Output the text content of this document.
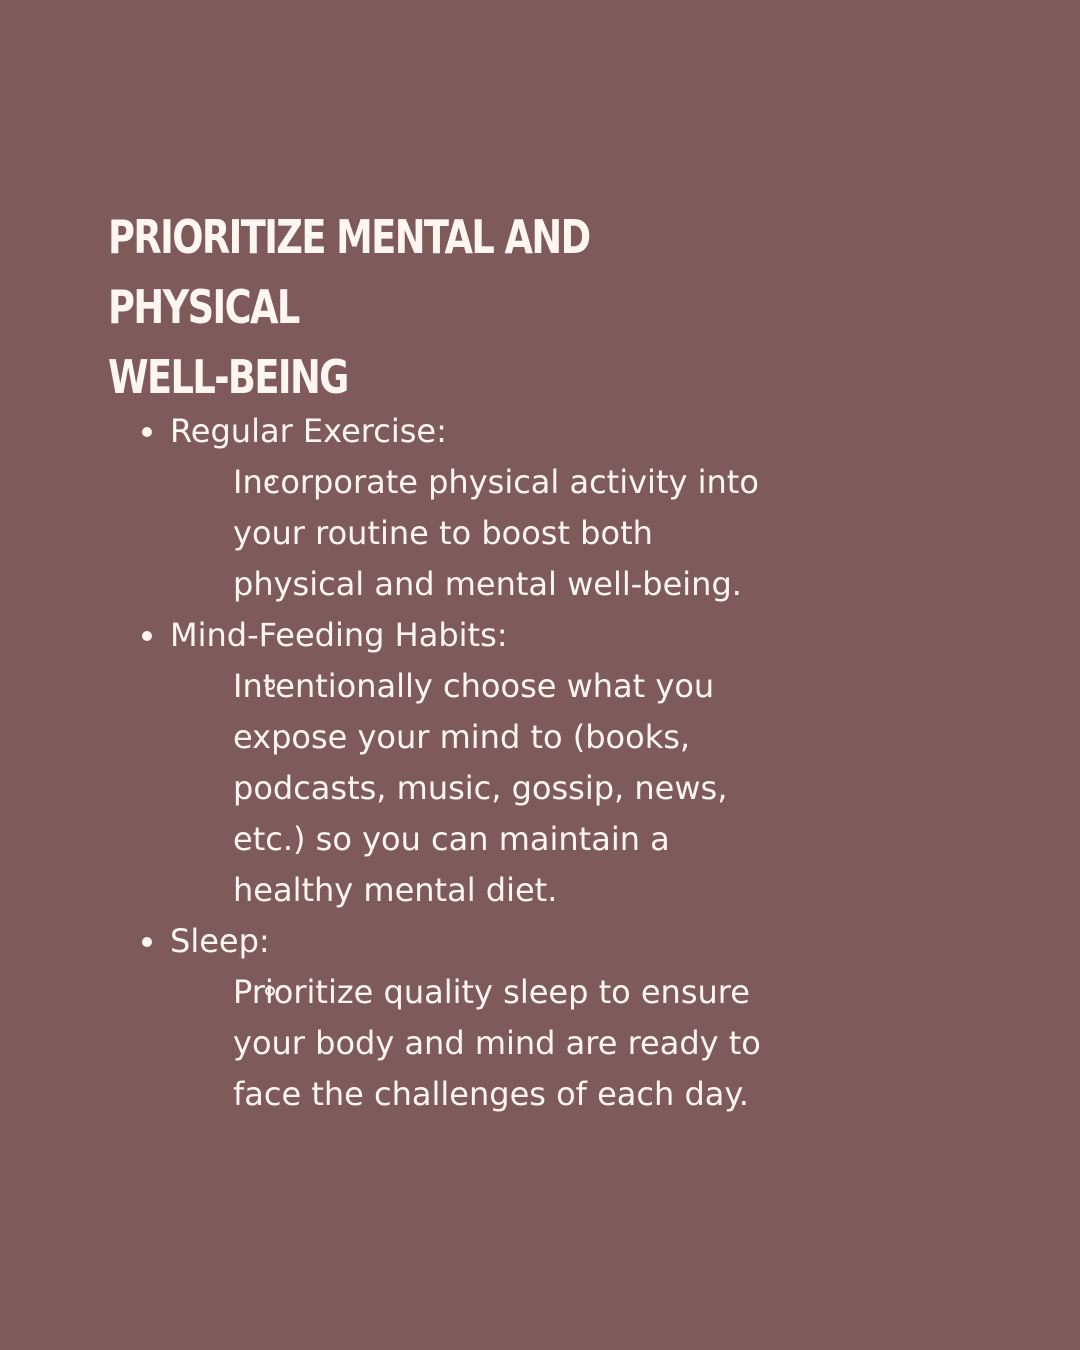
PRIORITIZE MENTAL AND PHYSICAL
WELL-BEING
Regular Exercise:
Incorporate physical activity into your routine to boost both physical and mental well-being.
Mind-Feeding Habits:
Intentionally choose what you expose your mind to (books, podcasts, music, gossip, news, etc.) so you can maintain a healthy mental diet.
Sleep:
Prioritize quality sleep to ensure your body and mind are ready to face the challenges of each day.
